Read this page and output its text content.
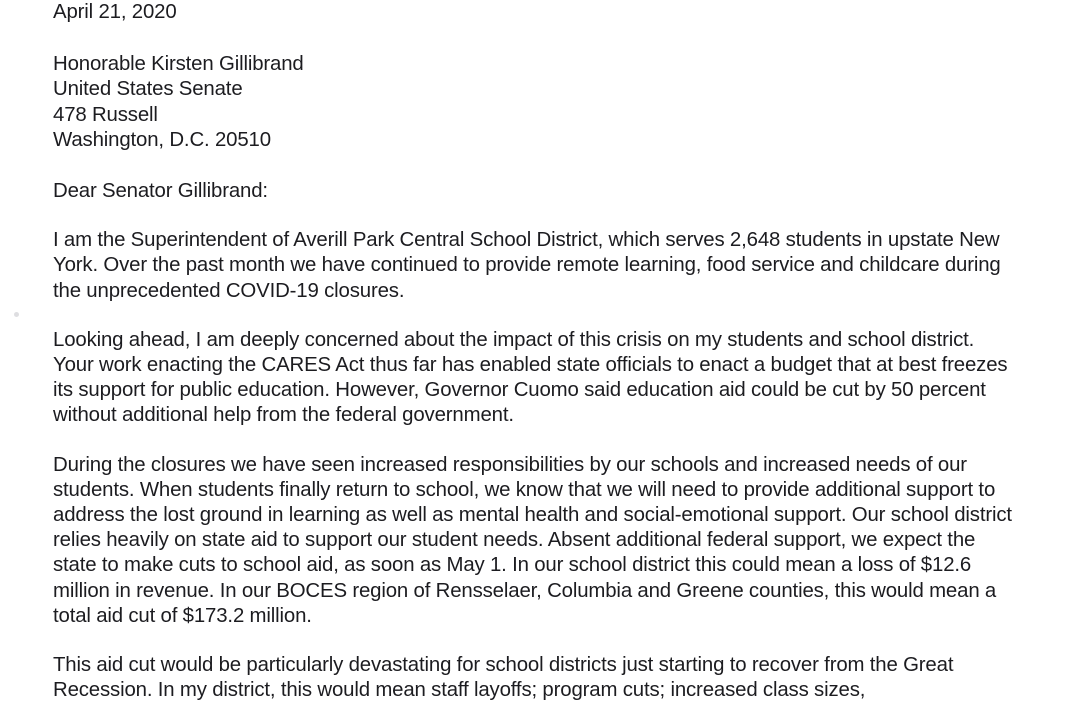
April 21, 2020
Honorable Kirsten Gillibrand
United States Senate
478 Russell
Washington, D.C. 20510
Dear Senator Gillibrand:

I am the Superintendent of Averill Park Central School District, which serves 2,648 students in upstate New York. Over the past month we have continued to provide remote learning, food service and childcare during the unprecedented COVID-19 closures.

Looking ahead, I am deeply concerned about the impact of this crisis on my students and school district. Your work enacting the CARES Act thus far has enabled state officials to enact a budget that at best freezes its support for public education. However, Governor Cuomo said education aid could be cut by 50 percent without additional help from the federal government.

During the closures we have seen increased responsibilities by our schools and increased needs of our students. When students finally return to school, we know that we will need to provide additional support to address the lost ground in learning as well as mental health and social-emotional support. Our school district relies heavily on state aid to support our student needs. Absent additional federal support, we expect the state to make cuts to school aid, as soon as May 1. In our school district this could mean a loss of $12.6 million in revenue. In our BOCES region of Rensselaer, Columbia and Greene counties, this would mean a total aid cut of $173.2 million.

This aid cut would be particularly devastating for school districts just starting to recover from the Great Recession. In my district, this would mean staff layoffs; program cuts; increased class sizes,
